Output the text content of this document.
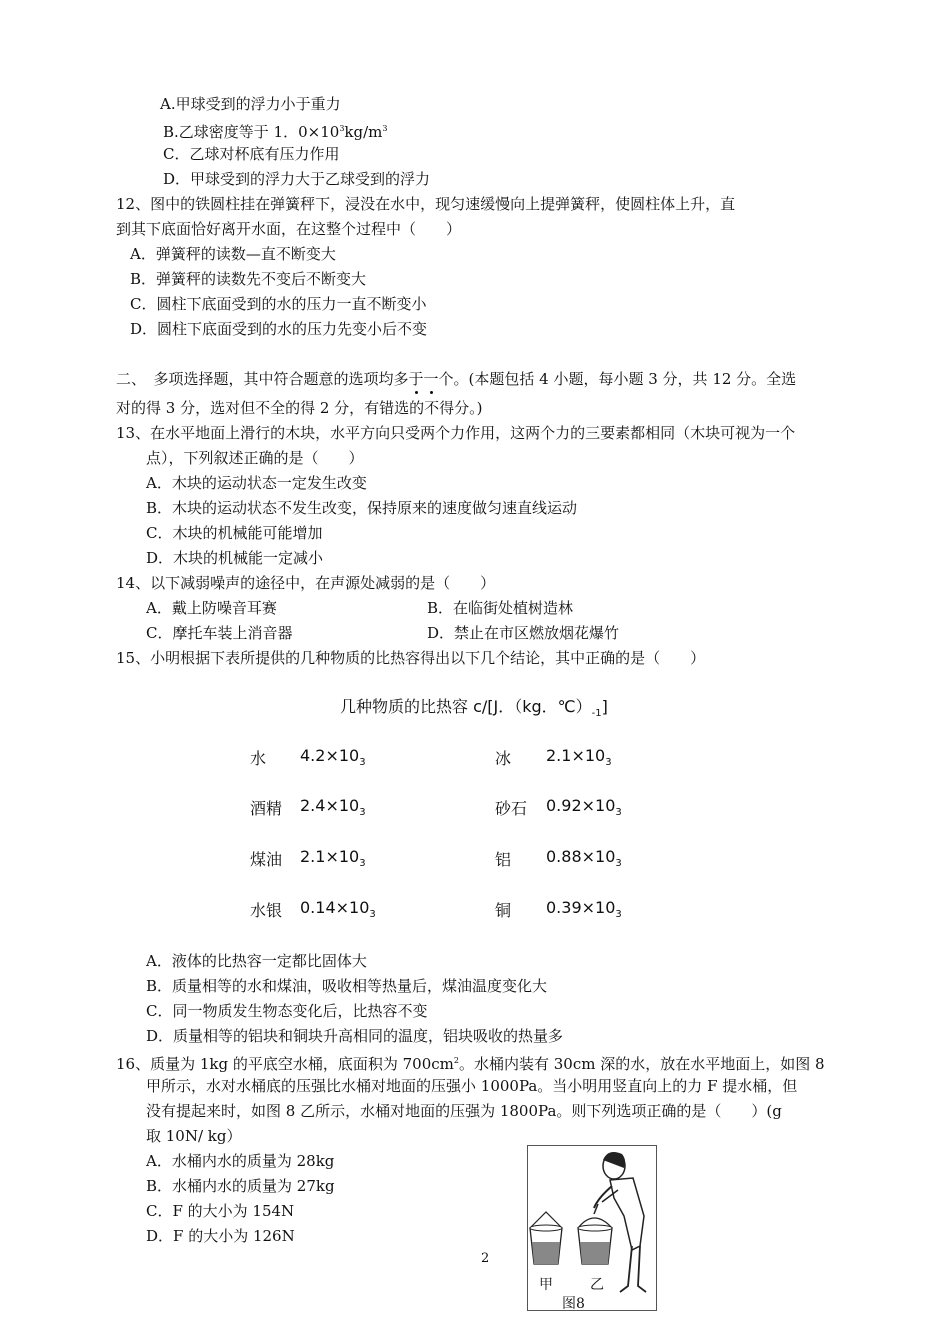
A.甲球受到的浮力小于重力
B.乙球密度等于 1．$0\times 10^3kg/m^3$
C．乙球对杯底有压力作用
D．甲球受到的浮力大于乙球受到的浮力
12、图中的铁圆柱挂在弹簧秤下，浸没在水中，现匀速缓慢向上提弹簧秤，使圆柱体上升，直
到其下底面恰好离开水面，在这整个过程中（　　）
A．弹簧秤的读数—直不断变大
B．弹簧秤的读数先不变后不断变大
C．圆柱下底面受到的水的压力一直不断变小
D．圆柱下底面受到的水的压力先变小后不变
二、　多项选择题，其中符合题意的选项均多于一个。(本题包括 4 小题，每小题 3 分，共 12 分。全选
对的得 3 分，选对但不全的得 2 分，有错选的不得分。)
13、在水平地面上滑行的木块，水平方向只受两个力作用，这两个力的三要素都相同（木块可视为一个
点），下列叙述正确的是（　　）
A．木块的运动状态一定发生改变
B．木块的运动状态不发生改变，保持原来的速度做匀速直线运动
C．木块的机械能可能增加
D．木块的机械能一定减小
14、以下减弱噪声的途径中，在声源处减弱的是（　　）
A．戴上防噪音耳赛	B．在临街处植树造林
C．摩托车装上消音器	D．禁止在市区燃放烟花爆竹
15、小明根据下表所提供的几种物质的比热容得出以下几个结论，其中正确的是（　　）
几种物质的比热容 c/[J．（kg．$℃)_{-1}$]
水 $4.2\times 10_3$	冰 $2.1\times 10_3$
酒精 $2.4\times 10_3$	砂石 $0.92\times 10_3$
煤油 $2.1\times 10_3$	铝 $0.88\times 10_3$
水银 $0.14\times 10_3$	铜 $0.39\times 10_3$
A．液体的比热容一定都比固体大
B．质量相等的水和煤油，吸收相等热量后，煤油温度变化大
C．同一物质发生物态变化后，比热容不变
D．质量相等的铝块和铜块升高相同的温度，铝块吸收的热量多
16、质量为 1kg 的平底空水桶，底面积为 $700cm^2$。水桶内装有 30cm 深的水，放在水平地面上，如图 8
甲所示，水对水桶底的压强比水桶对地面的压强小 1000Pa。当小明用竖直向上的力 F 提水桶，但
没有提起来时，如图 8 乙所示，水桶对地面的压强为 1800Pa。则下列选项正确的是（　　）(g
取 10N/ kg）
A．水桶内水的质量为 28kg
B．水桶内水的质量为 27kg
C．F 的大小为 154N
D．F 的大小为 126N
甲	乙
图8
2
